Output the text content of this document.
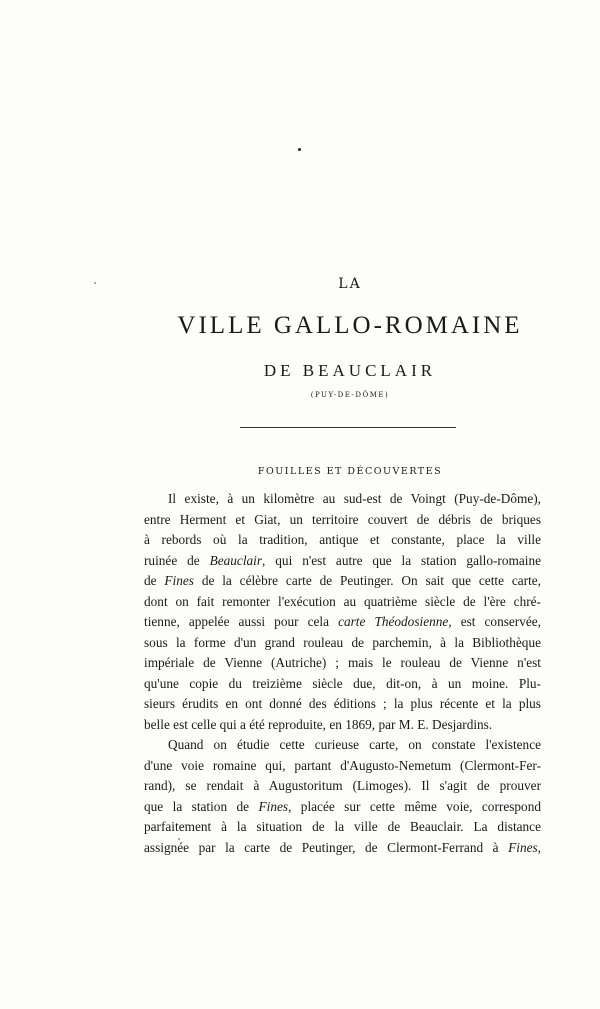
LA
VILLE GALLO-ROMAINE
DE BEAUCLAIR
(PUY-DE-DÔME)
FOUILLES ET DÉCOUVERTES
Il existe, à un kilomètre au sud-est de Voingt (Puy-de-Dôme),
entre Herment et Giat, un territoire couvert de débris de briques
à rebords où la tradition, antique et constante, place la ville
ruinée de Beauclair, qui n'est autre que la station gallo-romaine
de Fines de la célèbre carte de Peutinger. On sait que cette carte,
dont on fait remonter l'exécution au quatrième siècle de l'ère chré-
tienne, appelée aussi pour cela carte Théodosienne, est conservée,
sous la forme d'un grand rouleau de parchemin, à la Bibliothèque
impériale de Vienne (Autriche) ; mais le rouleau de Vienne n'est
qu'une copie du treizième siècle due, dit-on, à un moine. Plu-
sieurs érudits en ont donné des éditions ; la plus récente et la plus
belle est celle qui a été reproduite, en 1869, par M. E. Desjardins.
Quand on étudie cette curieuse carte, on constate l'existence
d'une voie romaine qui, partant d'Augusto-Nemetum (Clermont-Fer-
rand), se rendait à Augustoritum (Limoges). Il s'agit de prouver
que la station de Fines, placée sur cette même voie, correspond
parfaitement à la situation de la ville de Beauclair. La distance
assignée par la carte de Peutinger, de Clermont-Ferrand à Fines,
